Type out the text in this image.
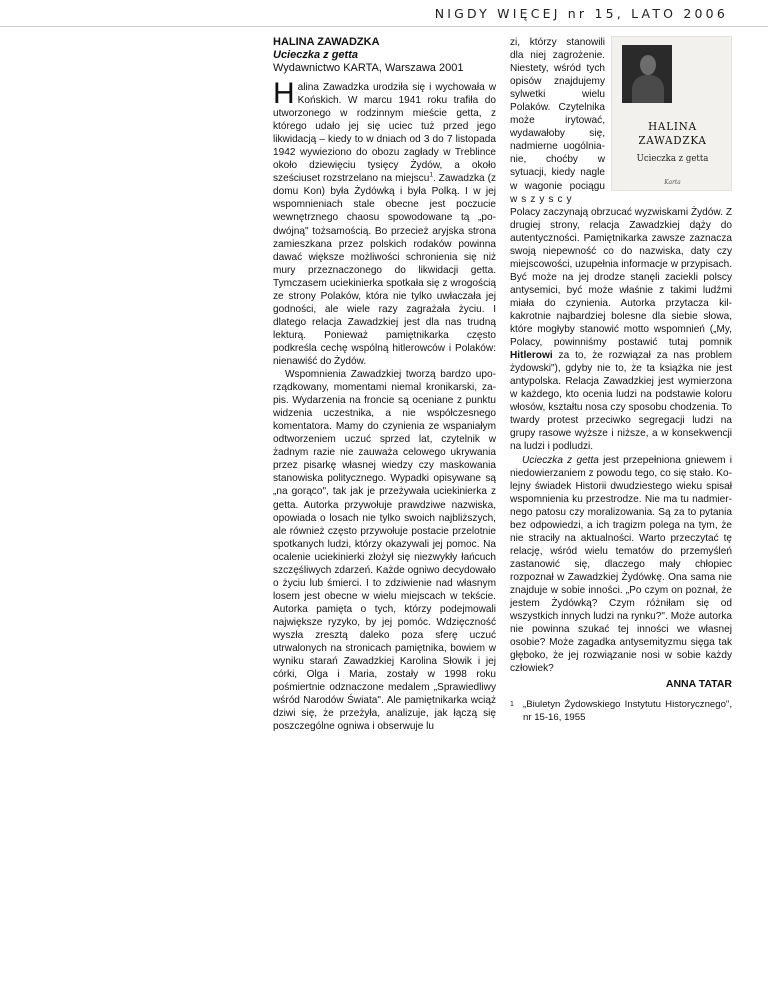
NIGDY WIĘCEJ nr 15, LATO 2006
HALINA ZAWADZKA
Ucieczka z getta
Wydawnictwo KARTA, Warszawa 2001

Halina Zawadzka urodziła się i wychowała w Końskich. W marcu 1941 roku trafiła do utworzonego w rodzinnym mieście getta, z którego udało jej się uciec tuż przed jego likwidacją – kiedy to w dniach od 3 do 7 listopada 1942 wywieziono do obozu zagłady w Treblince około dziewięciu tysięcy Żydów, a około sześciuset rozstrzelano na miejscu$^1$. Zawadzka (z domu Kon) była Żydówką i była Polką. I w jej wspomnieniach stale obecne jest poczucie wewnętrznego chaosu spowodowane tą „podwójną" tożsamością. Bo przecież aryjska strona zamieszkana przez polskich rodaków powinna dawać większe możliwości schronienia się niż mury przeznaczonego do likwidacji getta. Tymczasem uciekinierka spotkała się z wrogością ze strony Polaków, która nie tylko uwłaczała jej godności, ale wiele razy zagrażała życiu. I dlatego relacja Zawadzkiej jest dla nas trudną lekturą. Ponieważ pamiętnikarka często podkreśla cechę wspólną hitlerowców i Polaków: nienawiść do Żydów.

Wspomnienia Zawadzkiej tworzą bardzo uporządkowany, momentami niemal kronikarski, zapis. Wydarzenia na froncie są oceniane z punktu widzenia uczestnika, a nie współczesnego komentatora. Mamy do czynienia ze wspaniałym odtworzeniem uczuć sprzed lat, czytelnik w żadnym razie nie zauważa celowego ukrywania przez pisarkę własnej wiedzy czy maskowania stanowiska politycznego. Wypadki opisywane są „na gorąco", tak jak je przeżywała uciekinierka z getta. Autorka przywołuje prawdziwe nazwiska, opowiada o losach nie tylko swoich najbliższych, ale również często przywołuje postacie przelotnie spotkanych ludzi, którzy okazywali jej pomoc. Na ocalenie uciekinierki złożył się niezwykły łańcuch szczęśliwych zdarzeń. Każde ogniwo decydowało o życiu lub śmierci. I to zdziwienie nad własnym losem jest obecne w wielu miejscach w tekście. Autorka pamięta o tych, którzy podejmowali największe ryzyko, by jej pomóc. Wdzięczność wyszła zresztą daleko poza sferę uczuć utrwalonych na stronicach pamiętnika, bowiem w wyniku starań Zawadzkiej Karolina Słowik i jej córki, Olga i Maria, zostały w 1998 roku pośmiertnie odznaczone medalem „Sprawiedliwy wśród Narodów Świata". Ale pamiętnikarka wciąż dziwi się, że przeżyła, analizuje, jak łączą się poszczególne ogniwa i obserwuje lu

HALINA
ZAWADZKA
Ucieczka z getta
Karta

zi, którzy stanowili dla niej zagrożenie. Niestety, wśród tych opisów znajdujemy sylwetki wielu Polaków. Czytelnika może irytować, wydawałoby się, nadmierne uogólnianie, choćby w sytuacji, kiedy nagle w wagonie pociągu wszyscy Polacy zaczynają obrzucać wyzwiskami Żydów. Z drugiej strony, relacja Zawadzkiej dąży do autentyczności. Pamiętnikarka zawsze zaznacza swoją niepewność co do nazwiska, daty czy miejscowości, uzupełnia informacje w przypisach. Być może na jej drodze stanęli zaciekli polscy antysemici, być może właśnie z takimi ludźmi miała do czynienia. Autorka przytacza kilkakrotnie najbardziej bolesne dla siebie słowa, które mogłyby stanowić motto wspomnień („My, Polacy, powinniśmy postawić tutaj pomnik Hitlerowi za to, że rozwiązał za nas problem żydowski"), gdyby nie to, że ta książka nie jest antypolska. Relacja Zawadzkiej jest wymierzona w każdego, kto ocenia ludzi na podstawie koloru włosów, kształtu nosa czy sposobu chodzenia. To twardy protest przeciwko segregacji ludzi na grupy rasowe wyższe i niższe, a w konsekwencji na ludzi i podludzi.

Ucieczka z getta jest przepełniona gniewem i niedowierzaniem z powodu tego, co się stało. Kolejny świadek Historii dwudziestego wieku spisał wspomnienia ku przestrodze. Nie ma tu nadmiernego patosu czy moralizowania. Są za to pytania bez odpowiedzi, a ich tragizm polega na tym, że nie straciły na aktualności. Warto przeczytać tę relację, wśród wielu tematów do przemyśleń zastanowić się, dlaczego mały chłopiec rozpoznał w Zawadzkiej Żydówkę. Ona sama nie znajduje w sobie inności. „Po czym on poznał, że jestem Żydówką? Czym różniłam się od wszystkich innych ludzi na rynku?". Może autorka nie powinna szukać tej inności we własnej osobie? Może zagadka antysemityzmu sięga tak głęboko, że jej rozwiązanie nosi w sobie każdy człowiek?

ANNA TATAR
1 „Biuletyn Żydowskiego Instytutu Historycznego", nr 15-16, 1955
